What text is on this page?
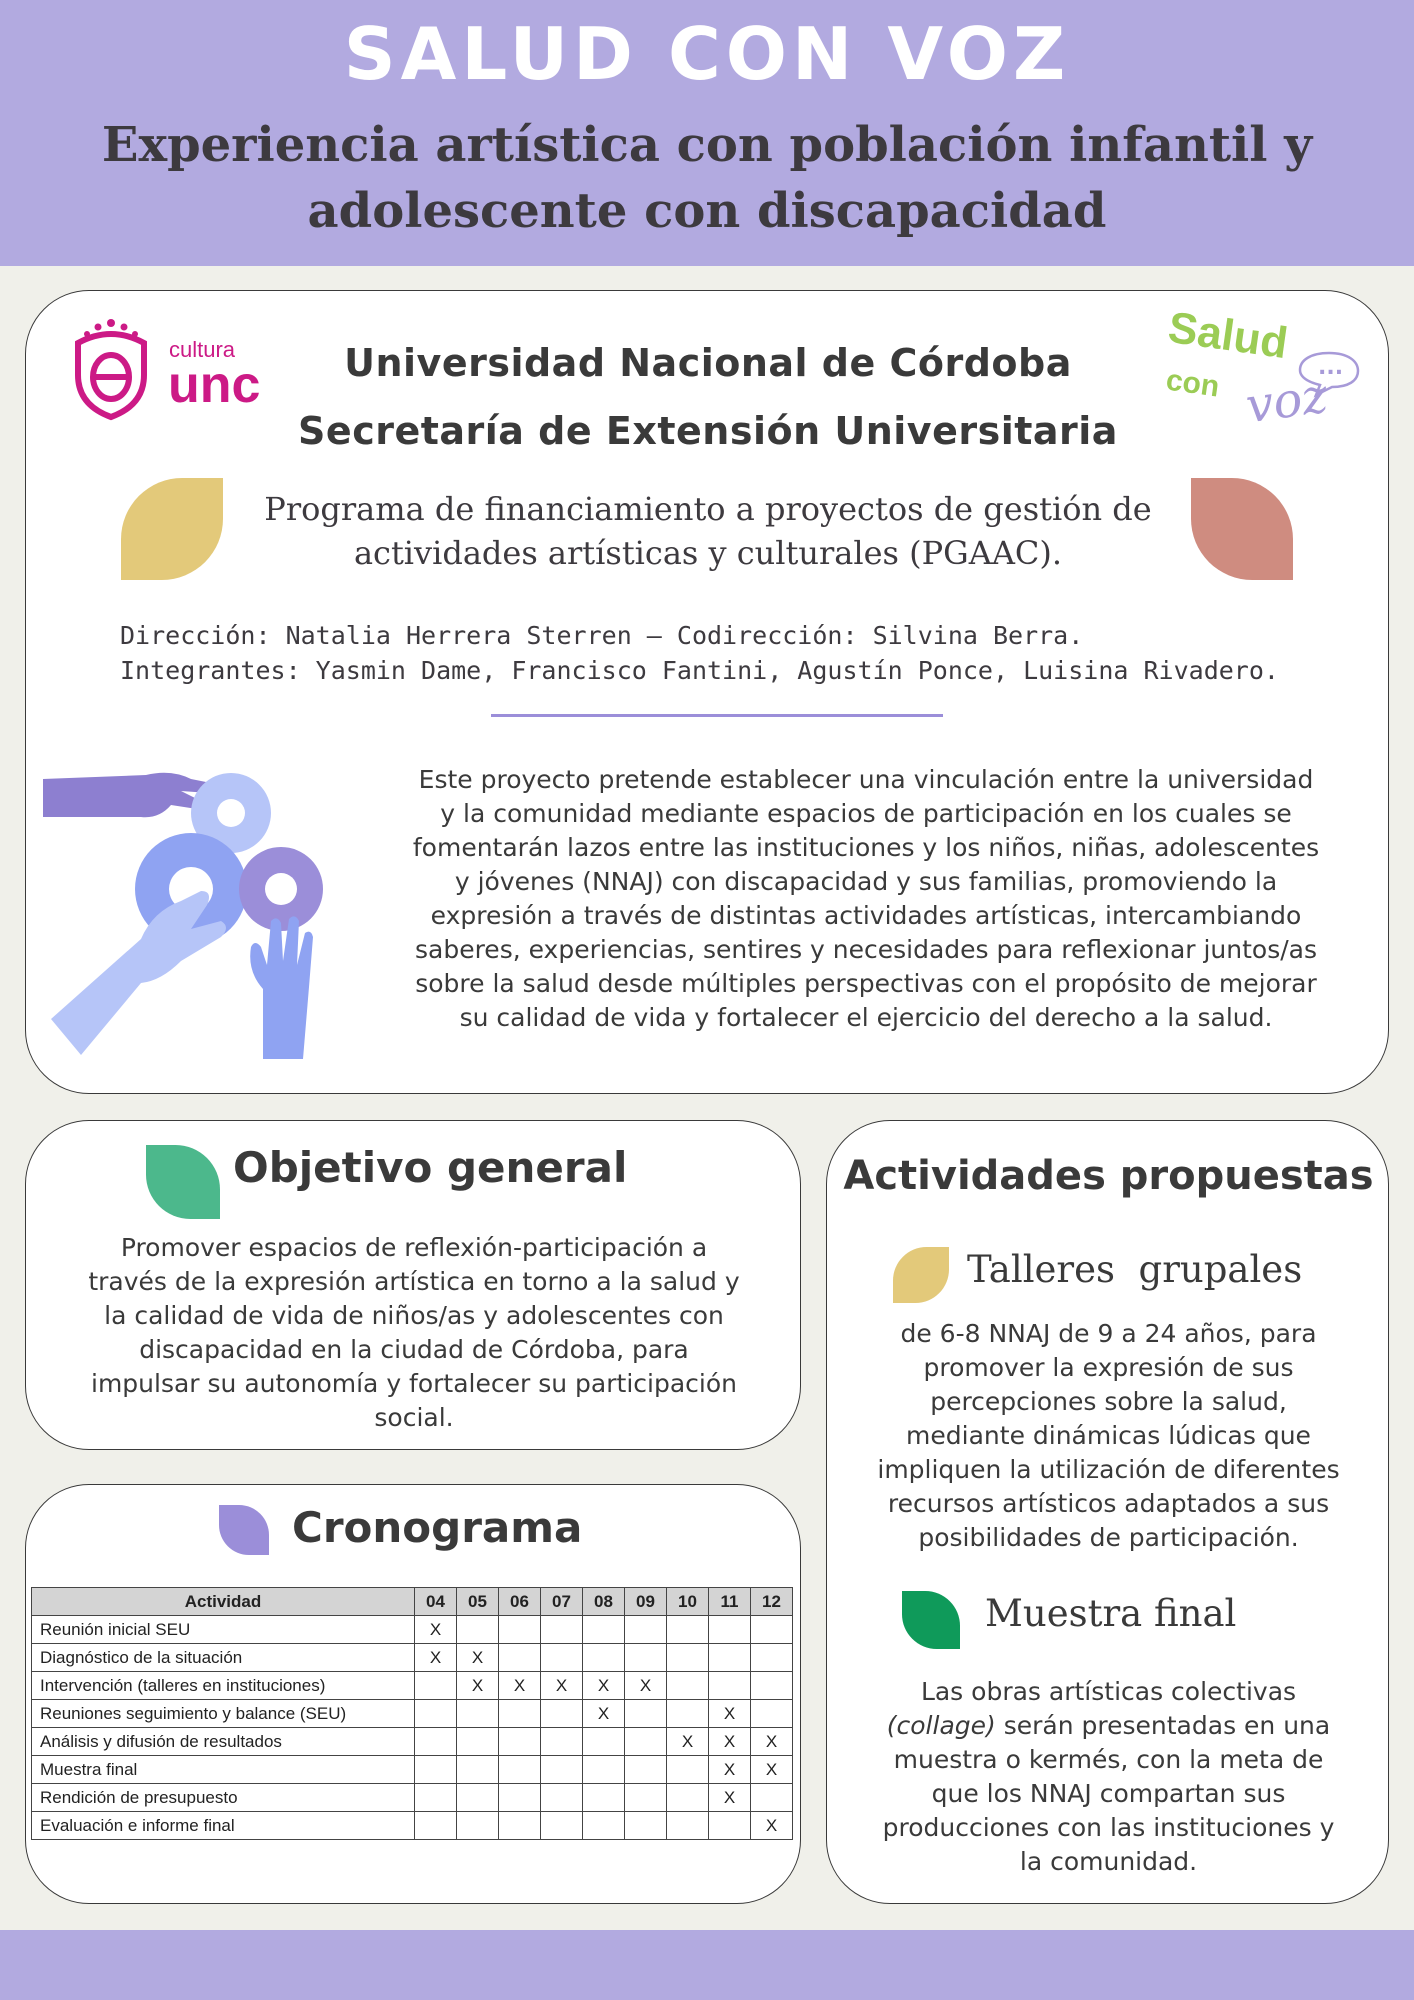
SALUD CON VOZ
Experiencia artística con población infantil y
adolescente con discapacidad
cultura
unc
Salud
con voz
...
Universidad Nacional de Córdoba
Secretaría de Extensión Universitaria
Programa de financiamiento a proyectos de gestión de
actividades artísticas y culturales (PGAAC).
Dirección: Natalia Herrera Sterren – Codirección: Silvina Berra.
Integrantes: Yasmin Dame, Francisco Fantini, Agustín Ponce, Luisina Rivadero.
Este proyecto pretende establecer una vinculación entre la universidad
y la comunidad mediante espacios de participación en los cuales se
fomentarán lazos entre las instituciones y los niños, niñas, adolescentes
y jóvenes (NNAJ) con discapacidad y sus familias, promoviendo la
expresión a través de distintas actividades artísticas, intercambiando
saberes, experiencias, sentires y necesidades para reflexionar juntos/as
sobre la salud desde múltiples perspectivas con el propósito de mejorar
su calidad de vida y fortalecer el ejercicio del derecho a la salud.
Objetivo general
Promover espacios de reflexión-participación a
través de la expresión artística en torno a la salud y
la calidad de vida de niños/as y adolescentes con
discapacidad en la ciudad de Córdoba, para
impulsar su autonomía y fortalecer su participación
social.
Cronograma
Actividad	04	05	06	07	08	09	10	11	12
Reunión inicial SEU	X								
Diagnóstico de la situación	X	X							
Intervención (talleres en instituciones)		X	X	X	X	X			
Reuniones seguimiento y balance (SEU)					X			X	
Análisis y difusión de resultados							X	X	X
Muestra final								X	X
Rendición de presupuesto								X	
Evaluación e informe final									X
Actividades propuestas
Talleres  grupales
de 6-8 NNAJ de 9 a 24 años, para
promover la expresión de sus
percepciones sobre la salud,
mediante dinámicas lúdicas que
impliquen la utilización de diferentes
recursos artísticos adaptados a sus
posibilidades de participación.
Muestra final
Las obras artísticas colectivas
(collage) serán presentadas en una
muestra o kermés, con la meta de
que los NNAJ compartan sus
producciones con las instituciones y
la comunidad.
